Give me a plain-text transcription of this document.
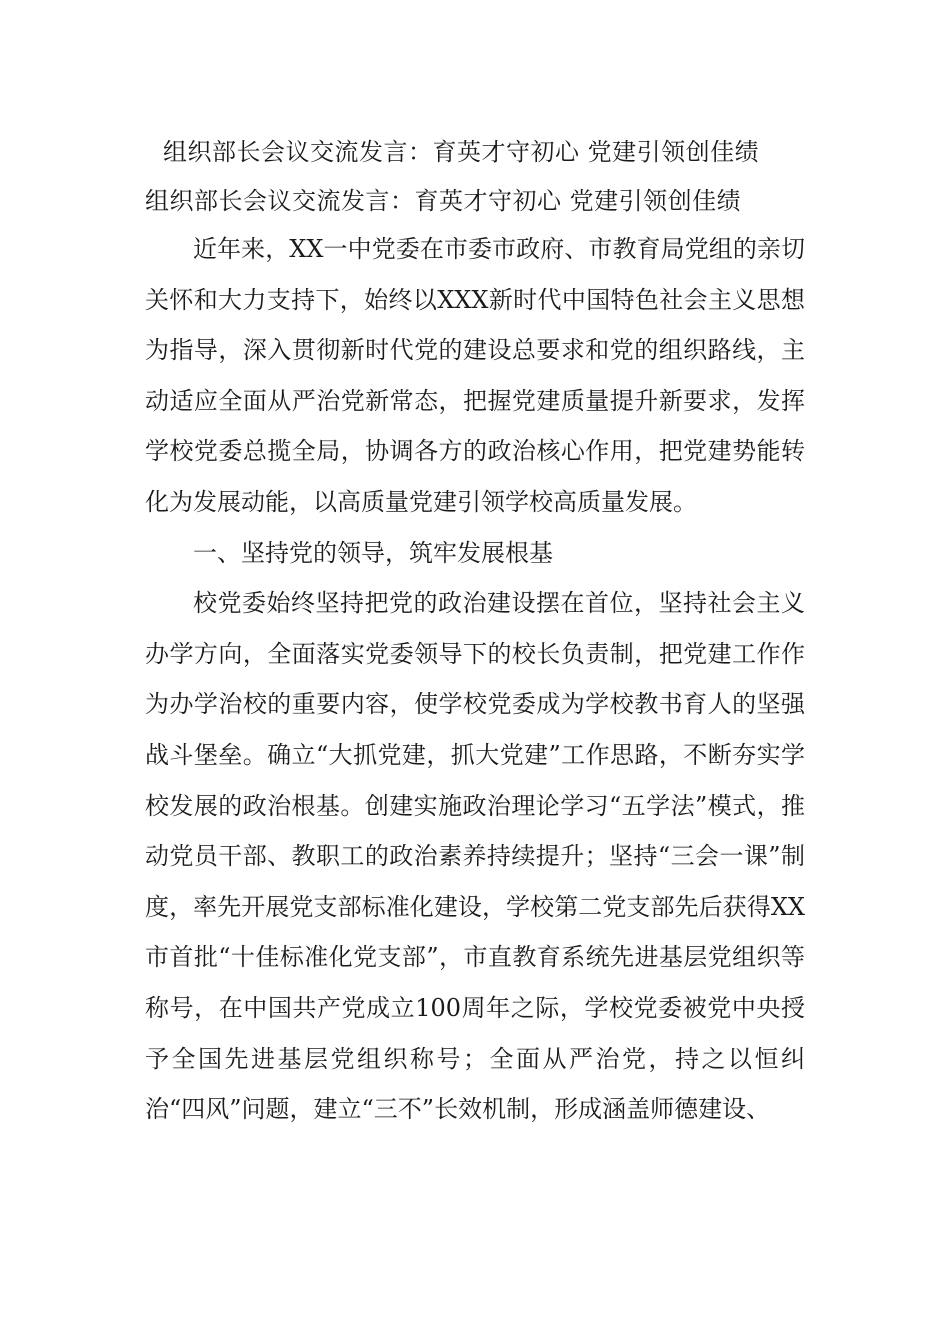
组织部长会议交流发言：育英才守初心 党建引领创佳绩
组织部长会议交流发言：育英才守初心 党建引领创佳绩

近年来，XX一中党委在市委市政府、市教育局党组的亲切关怀和大力支持下，始终以XXX新时代中国特色社会主义思想为指导，深入贯彻新时代党的建设总要求和党的组织路线，主动适应全面从严治党新常态，把握党建质量提升新要求，发挥学校党委总揽全局，协调各方的政治核心作用，把党建势能转化为发展动能，以高质量党建引领学校高质量发展。

一、坚持党的领导，筑牢发展根基

校党委始终坚持把党的政治建设摆在首位，坚持社会主义办学方向，全面落实党委领导下的校长负责制，把党建工作作为办学治校的重要内容，使学校党委成为学校教书育人的坚强战斗堡垒。确立“大抓党建，抓大党建”工作思路，不断夯实学校发展的政治根基。创建实施政治理论学习“五学法”模式，推动党员干部、教职工的政治素养持续提升；坚持“三会一课”制度，率先开展党支部标准化建设，学校第二党支部先后获得XX市首批“十佳标准化党支部”，市直教育系统先进基层党组织等称号，在中国共产党成立100周年之际，学校党委被党中央授予全国先进基层党组织称号；全面从严治党，持之以恒纠治“四风”问题，建立“三不”长效机制，形成涵盖师德建设、
